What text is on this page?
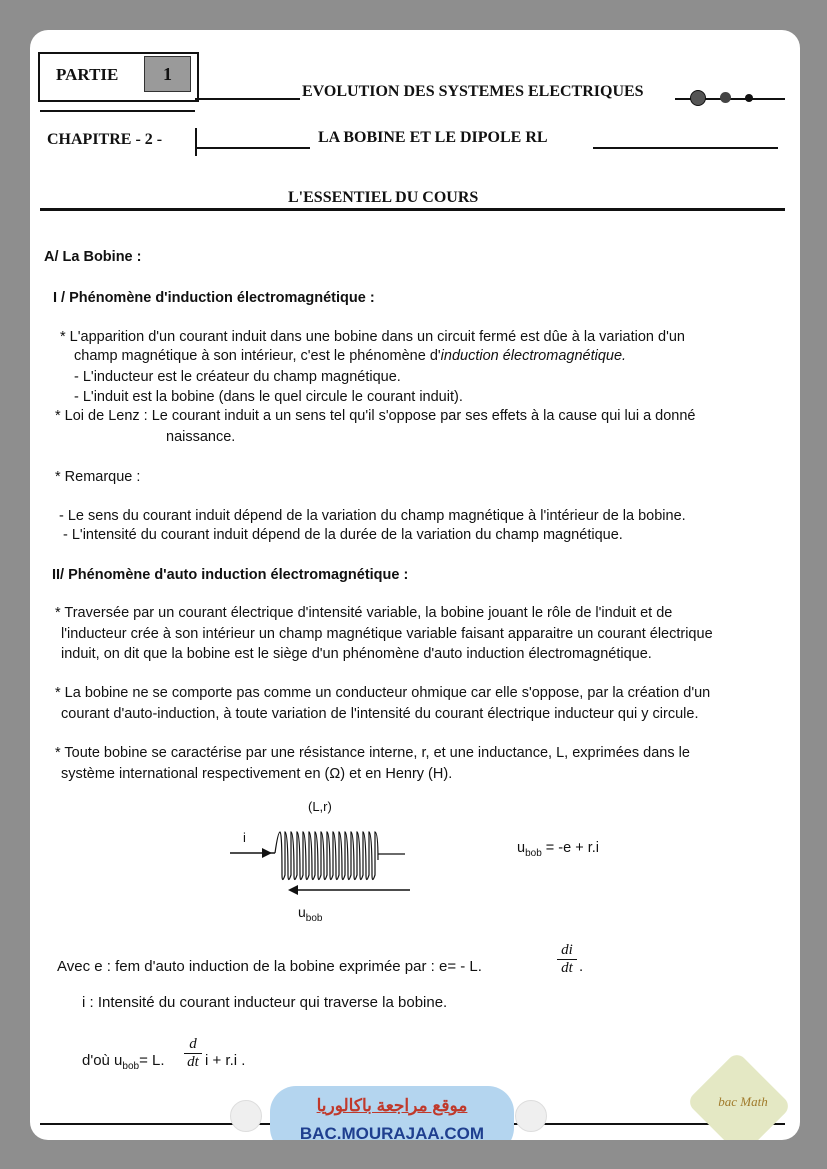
PARTIE	1
EVOLUTION DES SYSTEMES ELECTRIQUES
CHAPITRE - 2 -	LA BOBINE ET LE DIPOLE RL
L'ESSENTIEL DU COURS
A/ La Bobine :
I / Phénomène d'induction électromagnétique :
* L'apparition d'un courant induit dans une bobine dans un circuit fermé est dûe à la variation d'un
champ magnétique à son intérieur, c'est le phénomène d'induction électromagnétique.
- L'inducteur est le créateur du champ magnétique.
- L'induit est la bobine (dans le quel circule le courant induit).
* Loi de Lenz : Le courant induit a un sens tel qu'il s'oppose par ses effets à la cause qui lui a donné
naissance.
* Remarque :
- Le sens du courant induit dépend de la variation du champ magnétique à l'intérieur de la bobine.
- L'intensité du courant induit dépend de la durée de la variation du champ magnétique.
II/ Phénomène d'auto induction électromagnétique :
* Traversée par un courant électrique d'intensité variable, la bobine jouant le rôle de l'induit et de
l'inducteur crée à son intérieur un champ magnétique variable faisant apparaitre un courant électrique
induit, on dit que la bobine est le siège d'un phénomène d'auto induction électromagnétique.
* La bobine ne se comporte pas comme un conducteur ohmique car elle s'oppose, par la création d'un
courant d'auto-induction, à toute variation de l'intensité du courant électrique inducteur qui y circule.
* Toute bobine se caractérise par une résistance interne, r, et une inductance, L, exprimées dans le
système international respectivement en (Ω) et en Henry (H).
(L,r)
i
$u_{bob}$
$u_{bob} = -e + r.i$
Avec e : fem d'auto induction de la bobine exprimée par : e= - L.
di
dt .
i : Intensité du courant inducteur qui traverse la bobine.
d'où $u_{bob}= L$.
d
dt i + r.i .
موقع مراجعة باكالوريا
BAC.MOURAJAA.COM
bac Math
